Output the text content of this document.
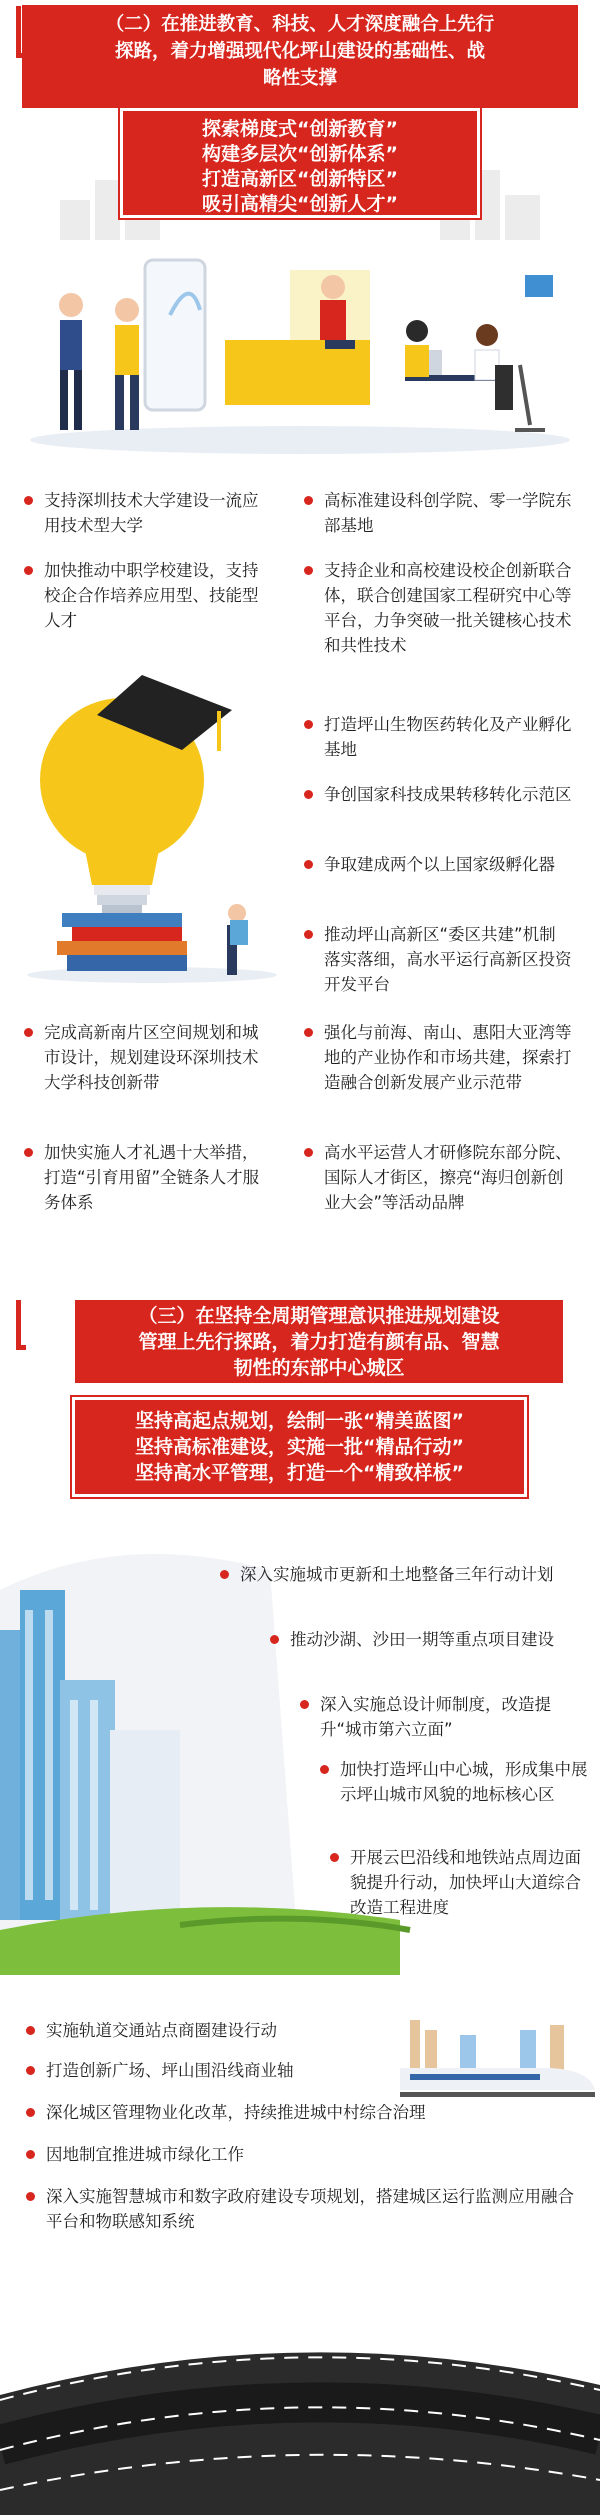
（二）在推进教育、科技、人才深度融合上先行
探路，着力增强现代化坪山建设的基础性、战
略性支撑
探索梯度式“创新教育”
构建多层次“创新体系”
打造高新区“创新特区”
吸引高精尖“创新人才”
支持深圳技术大学建设一流应用技术型大学
加快推动中职学校建设，支持校企合作培养应用型、技能型人才
高标准建设科创学院、零一学院东部基地
支持企业和高校建设校企创新联合体，联合创建国家工程研究中心等平台，力争突破一批关键核心技术和共性技术
打造坪山生物医药转化及产业孵化基地
争创国家科技成果转移转化示范区
争取建成两个以上国家级孵化器
推动坪山高新区“委区共建”机制落实落细，高水平运行高新区投资开发平台
强化与前海、南山、惠阳大亚湾等地的产业协作和市场共建，探索打造融合创新发展产业示范带
高水平运营人才研修院东部分院、国际人才街区，擦亮“海归创新创业大会”等活动品牌
完成高新南片区空间规划和城市设计，规划建设环深圳技术大学科技创新带
加快实施人才礼遇十大举措，打造“引育用留”全链条人才服务体系
（三）在坚持全周期管理意识推进规划建设
管理上先行探路，着力打造有颜有品、智慧
韧性的东部中心城区
坚持高起点规划，绘制一张“精美蓝图”
坚持高标准建设，实施一批“精品行动”
坚持高水平管理，打造一个“精致样板”
深入实施城市更新和土地整备三年行动计划
推动沙湖、沙田一期等重点项目建设
深入实施总设计师制度，改造提升“城市第六立面”
加快打造坪山中心城，形成集中展示坪山城市风貌的地标核心区
开展云巴沿线和地铁站点周边面貌提升行动，加快坪山大道综合改造工程进度
实施轨道交通站点商圈建设行动
打造创新广场、坪山围沿线商业轴
深化城区管理物业化改革，持续推进城中村综合治理
因地制宜推进城市绿化工作
深入实施智慧城市和数字政府建设专项规划，搭建城区运行监测应用融合平台和物联感知系统
